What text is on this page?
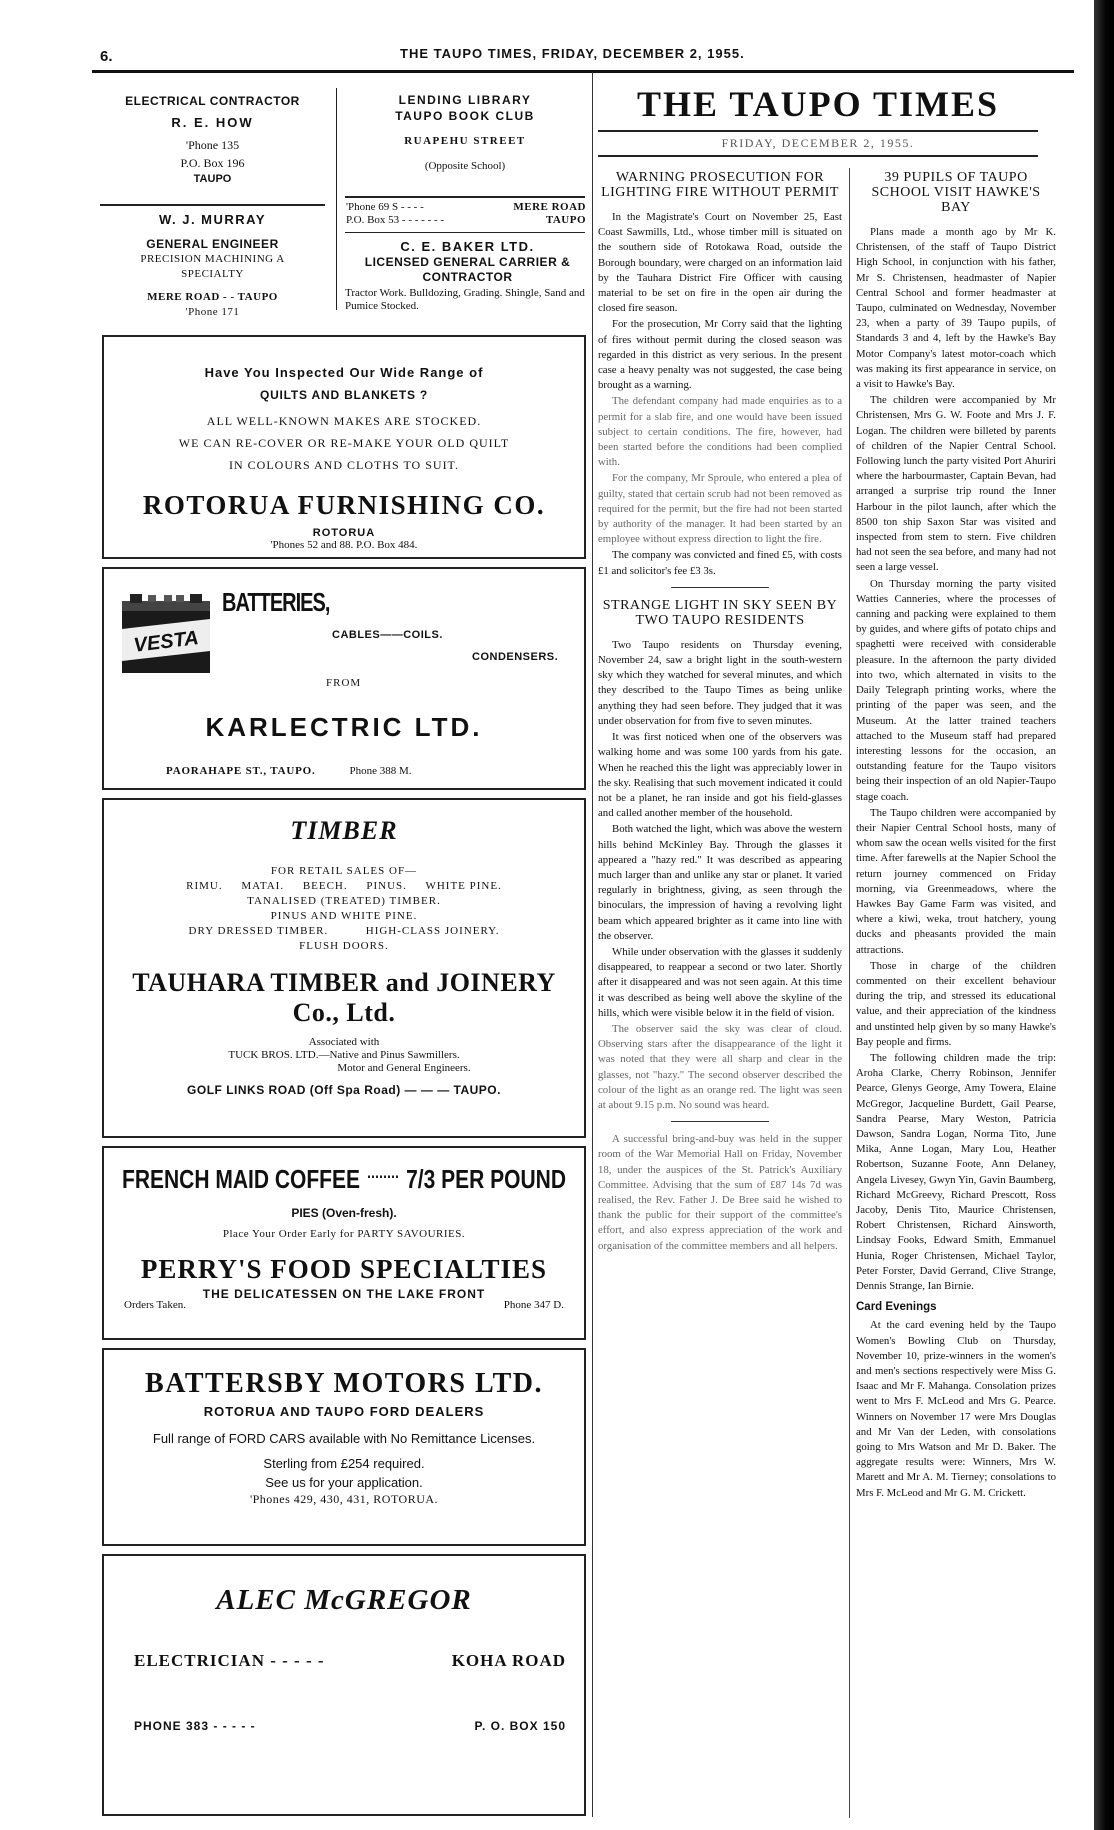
6.	THE TAUPO TIMES, FRIDAY, DECEMBER 2, 1955.
ELECTRICAL CONTRACTOR
R. E. HOW
'Phone 135
P.O. Box 196
TAUPO
W. J. MURRAY
GENERAL ENGINEER
PRECISION MACHINING A
SPECIALTY
MERE ROAD - - TAUPO
'Phone 171
LENDING LIBRARY
TAUPO BOOK CLUB
RUAPEHU STREET
(Opposite School)
'Phone 69 S - - - -	MERE ROAD
P.O. Box 53 - - - - - - -	TAUPO
C. E. BAKER LTD.
LICENSED GENERAL CARRIER &
CONTRACTOR
Tractor Work. Bulldozing, Grading. Shingle, Sand and Pumice Stocked.
Have You Inspected Our Wide Range of
QUILTS AND BLANKETS ?
ALL WELL-KNOWN MAKES ARE STOCKED.
WE CAN RE-COVER OR RE-MAKE YOUR OLD QUILT
IN COLOURS AND CLOTHS TO SUIT.
ROTORUA FURNISHING CO.
ROTORUA
'Phones 52 and 88. P.O. Box 484.
VESTA
BATTERIES,
CABLES——COILS.
CONDENSERS.
FROM
KARLECTRIC LTD.
PAORAHAPE ST., TAUPO.	Phone 388 M.
TIMBER
FOR RETAIL SALES OF—
RIMU.     MATAI.     BEECH.     PINUS.     WHITE PINE.
TANALISED (TREATED) TIMBER.
PINUS AND WHITE PINE.
DRY DRESSED TIMBER.          HIGH-CLASS JOINERY.
FLUSH DOORS.
TAUHARA TIMBER and JOINERY
Co., Ltd.
Associated with
TUCK BROS. LTD.—Native and Pinus Sawmillers.
Motor and General Engineers.
GOLF LINKS ROAD (Off Spa Road) — — — TAUPO.
FRENCH MAID COFFEE 7/3 PER POUND
PIES (Oven-fresh).
Place Your Order Early for PARTY SAVOURIES.
PERRY'S FOOD SPECIALTIES
THE DELICATESSEN ON THE LAKE FRONT
Orders Taken.	Phone 347 D.
BATTERSBY MOTORS LTD.
ROTORUA AND TAUPO FORD DEALERS
Full range of FORD CARS available with No Remittance Licenses.
Sterling from £254 required.
See us for your application.
'Phones 429, 430, 431, ROTORUA.
ALEC McGREGOR
ELECTRICIAN - - - - -	KOHA ROAD
PHONE 383 - - - - -	P. O. BOX 150
THE TAUPO TIMES
FRIDAY, DECEMBER 2, 1955.
WARNING PROSECUTION FOR LIGHTING FIRE WITHOUT PERMIT

In the Magistrate's Court on November 25, East Coast Sawmills, Ltd., whose timber mill is situated on the southern side of Rotokawa Road, outside the Borough boundary, were charged on an information laid by the Tauhara District Fire Officer with causing material to be set on fire in the open air during the closed fire season.

For the prosecution, Mr Corry said that the lighting of fires without permit during the closed season was regarded in this district as very serious. In the present case a heavy penalty was not suggested, the case being brought as a warning.

The defendant company had made enquiries as to a permit for a slab fire, and one would have been issued subject to certain conditions. The fire, however, had been started before the conditions had been complied with.

For the company, Mr Sproule, who entered a plea of guilty, stated that certain scrub had not been removed as required for the permit, but the fire had not been started by authority of the manager. It had been started by an employee without express direction to light the fire.

The company was convicted and fined £5, with costs £1 and solicitor's fee £3 3s.

STRANGE LIGHT IN SKY SEEN BY TWO TAUPO RESIDENTS

Two Taupo residents on Thursday evening, November 24, saw a bright light in the south-western sky which they watched for several minutes, and which they described to the Taupo Times as being unlike anything they had seen before. They judged that it was under observation for from five to seven minutes.

It was first noticed when one of the observers was walking home and was some 100 yards from his gate. When he reached this the light was appreciably lower in the sky. Realising that such movement indicated it could not be a planet, he ran inside and got his field-glasses and called another member of the household.

Both watched the light, which was above the western hills behind McKinley Bay. Through the glasses it appeared a "hazy red." It was described as appearing much larger than and unlike any star or planet. It varied regularly in brightness, giving, as seen through the binoculars, the impression of having a revolving light beam which appeared brighter as it came into line with the observer.

While under observation with the glasses it suddenly disappeared, to reappear a second or two later. Shortly after it disappeared and was not seen again. At this time it was described as being well above the skyline of the hills, which were visible below it in the field of vision.

The observer said the sky was clear of cloud. Observing stars after the disappearance of the light it was noted that they were all sharp and clear in the glasses, not "hazy." The second observer described the colour of the light as an orange red. The light was seen at about 9.15 p.m. No sound was heard.

A successful bring-and-buy was held in the supper room of the War Memorial Hall on Friday, November 18, under the auspices of the St. Patrick's Auxiliary Committee. Advising that the sum of £87 14s 7d was realised, the Rev. Father J. De Bree said he wished to thank the public for their support of the committee's effort, and also express appreciation of the work and organisation of the committee members and all helpers.

39 PUPILS OF TAUPO SCHOOL VISIT HAWKE'S BAY

Plans made a month ago by Mr K. Christensen, of the staff of Taupo District High School, in conjunction with his father, Mr S. Christensen, headmaster of Napier Central School and former headmaster at Taupo, culminated on Wednesday, November 23, when a party of 39 Taupo pupils, of Standards 3 and 4, left by the Hawke's Bay Motor Company's latest motor-coach which was making its first appearance in service, on a visit to Hawke's Bay.

The children were accompanied by Mr Christensen, Mrs G. W. Foote and Mrs J. F. Logan. The children were billeted by parents of children of the Napier Central School. Following lunch the party visited Port Ahuriri where the harbourmaster, Captain Bevan, had arranged a surprise trip round the Inner Harbour in the pilot launch, after which the 8500 ton ship Saxon Star was visited and inspected from stem to stern. Five children had not seen the sea before, and many had not seen a large vessel.

On Thursday morning the party visited Watties Canneries, where the processes of canning and packing were explained to them by guides, and where gifts of potato chips and spaghetti were received with considerable pleasure. In the afternoon the party divided into two, which alternated in visits to the Daily Telegraph printing works, where the printing of the paper was seen, and the Museum. At the latter trained teachers attached to the Museum staff had prepared interesting lessons for the occasion, an outstanding feature for the Taupo visitors being their inspection of an old Napier-Taupo stage coach.

The Taupo children were accompanied by their Napier Central School hosts, many of whom saw the ocean wells visited for the first time. After farewells at the Napier School the return journey commenced on Friday morning, via Greenmeadows, where the Hawkes Bay Game Farm was visited, and where a kiwi, weka, trout hatchery, young ducks and pheasants provided the main attractions.

Those in charge of the children commented on their excellent behaviour during the trip, and stressed its educational value, and their appreciation of the kindness and unstinted help given by so many Hawke's Bay people and firms.

The following children made the trip: Aroha Clarke, Cherry Robinson, Jennifer Pearce, Glenys George, Amy Towera, Elaine McGregor, Jacqueline Burdett, Gail Pearse, Sandra Pearse, Mary Weston, Patricia Dawson, Sandra Logan, Norma Tito, June Mika, Anne Logan, Mary Lou, Heather Robertson, Suzanne Foote, Ann Delaney, Angela Livesey, Gwyn Yin, Gavin Baumberg, Richard McGreevy, Richard Prescott, Ross Jacoby, Denis Tito, Maurice Christensen, Robert Christensen, Richard Ainsworth, Lindsay Fooks, Edward Smith, Emmanuel Hunia, Roger Christensen, Michael Taylor, Peter Forster, David Gerrand, Clive Strange, Dennis Strange, Ian Birnie.

Card Evenings

At the card evening held by the Taupo Women's Bowling Club on Thursday, November 10, prize-winners in the women's and men's sections respectively were Miss G. Isaac and Mr F. Mahanga. Consolation prizes went to Mrs F. McLeod and Mrs G. Pearce. Winners on November 17 were Mrs Douglas and Mr Van der Leden, with consolations going to Mrs Watson and Mr D. Baker. The aggregate results were: Winners, Mrs W. Marett and Mr A. M. Tierney; consolations to Mrs F. McLeod and Mr G. M. Crickett.
